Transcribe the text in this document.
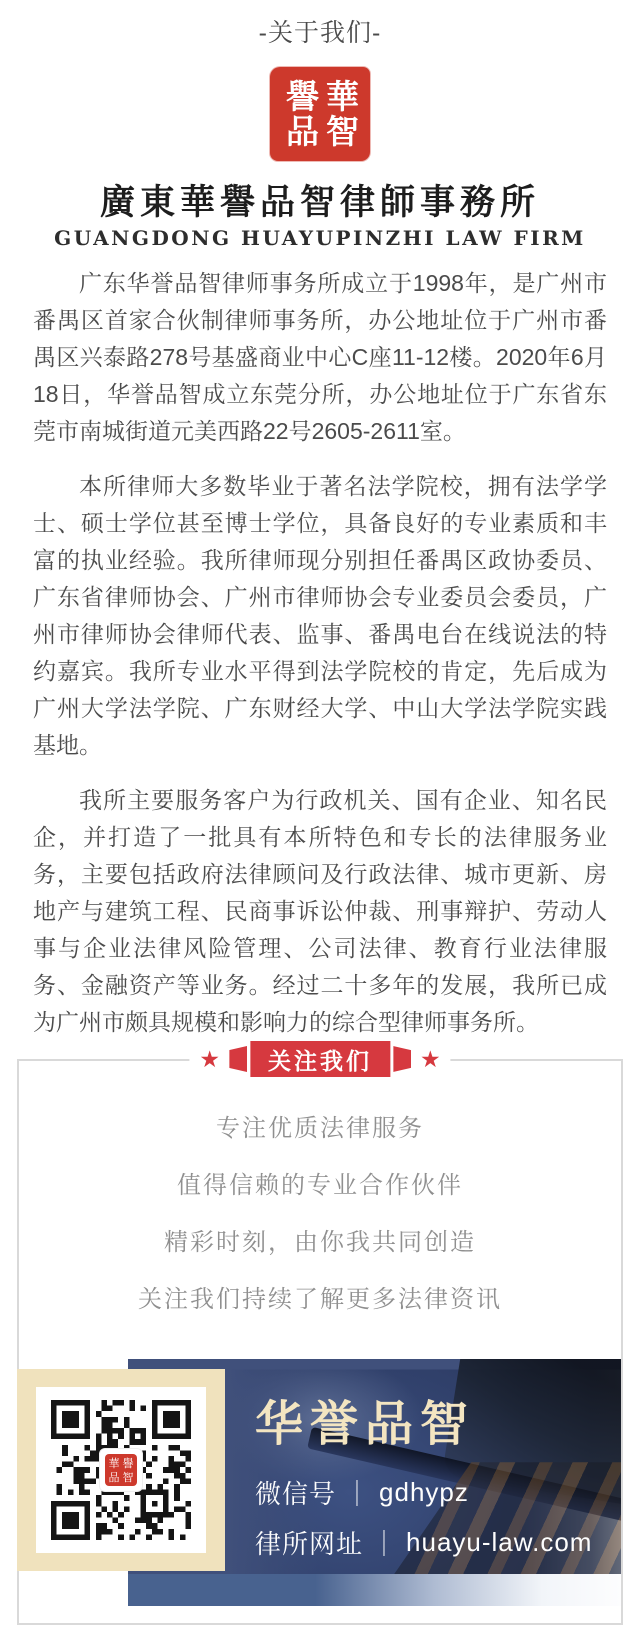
-关于我们-
譽品 華智
廣東華譽品智律師事務所
GUANGDONG HUAYUPINZHI LAW FIRM

广东华誉品智律师事务所成立于1998年，是广州市番禺区首家合伙制律师事务所，办公地址位于广州市番禺区兴泰路278号基盛商业中心C座11-12楼。2020年6月18日，华誉品智成立东莞分所，办公地址位于广东省东莞市南城街道元美西路22号2605-2611室。

本所律师大多数毕业于著名法学院校，拥有法学学士、硕士学位甚至博士学位，具备良好的专业素质和丰富的执业经验。我所律师现分别担任番禺区政协委员、广东省律师协会、广州市律师协会专业委员会委员，广州市律师协会律师代表、监事、番禺电台在线说法的特约嘉宾。我所专业水平得到法学院校的肯定，先后成为广州大学法学院、广东财经大学、中山大学法学院实践基地。

我所主要服务客户为行政机关、国有企业、知名民企，并打造了一批具有本所特色和专长的法律服务业务，主要包括政府法律顾问及行政法律、城市更新、房地产与建筑工程、民商事诉讼仲裁、刑事辩护、劳动人事与企业法律风险管理、公司法律、教育行业法律服务、金融资产等业务。经过二十多年的发展，我所已成为广州市颇具规模和影响力的综合型律师事务所。

★	关注我们	★
专注优质法律服务
值得信赖的专业合作伙伴
精彩时刻，由你我共同创造
关注我们持续了解更多法律资讯
華譽品智
华誉品智
微信号 ｜ gdhypz
律所网址 ｜ huayu-law.com
